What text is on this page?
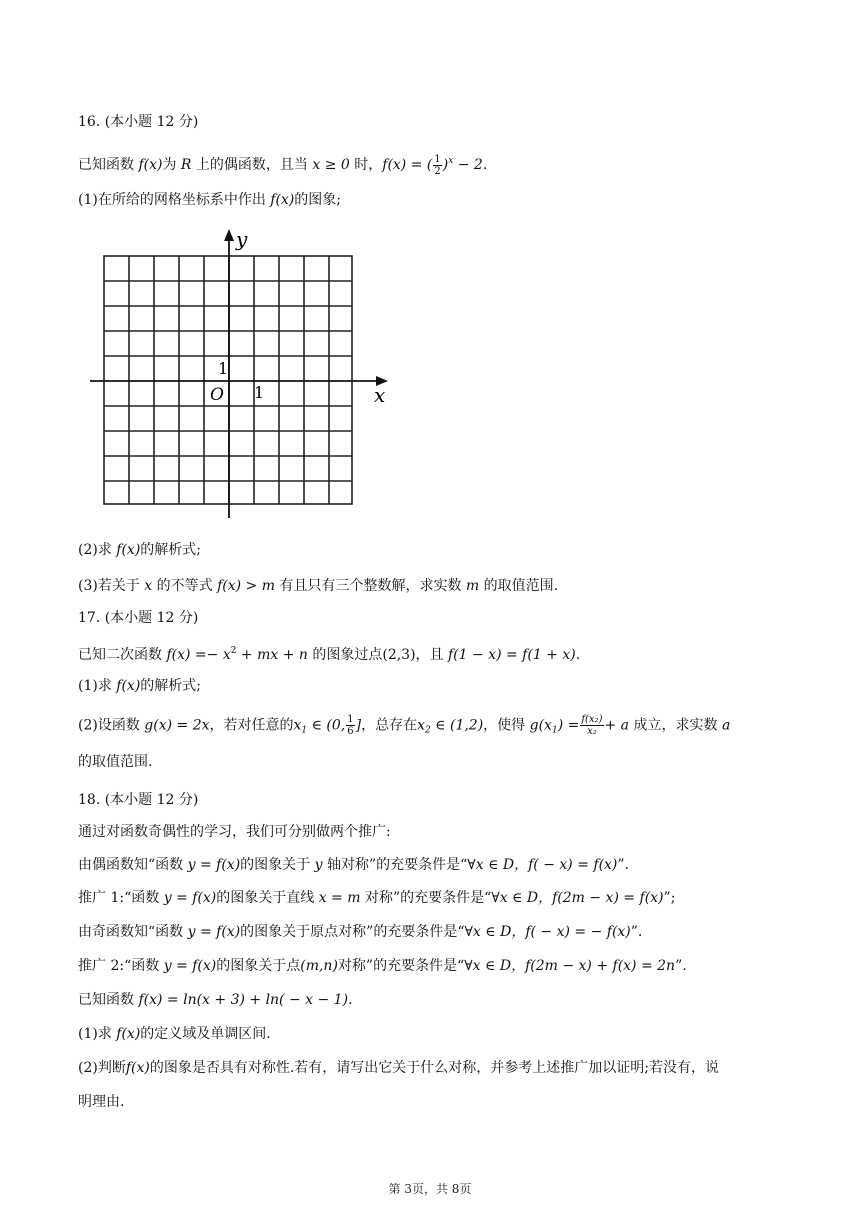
16. (本小题 12 分)
已知函数 f(x)为 R 上的偶函数，且当 x ≥ 0 时，f(x) = ( $\frac{1}{2} )^x - 2$.
(1)在所给的网格坐标系中作出 f(x)的图象;
y
x
O 1
1
(2)求 f(x)的解析式;
(3)若关于 x 的不等式 f(x) > m 有且只有三个整数解，求实数 m 的取值范围.
17. (本小题 12 分)
已知二次函数 $f(x) =- x^2$ + mx + n 的图象过点(2,3)，且 f(1 − x) = f(1 + x).
(1)求 f(x)的解析式;
(2)设函数 g(x) = 2x，若对任意的$x_1$ ∈ (0, $\frac{1}{6}$ ]，总存在$x_2$ ∈ (1,2)，使得 $g(x_1) = \frac{\text{f(x₂)}}{\text{x₂}} + a$ 成立，求实数 a
的取值范围.
18. (本小题 12 分)
通过对函数奇偶性的学习，我们可分别做两个推广:
由偶函数知“函数 y = f(x)的图象关于 y 轴对称”的充要条件是“∀x ∈ D，f( − x) = f(x)”.
推广 1:“函数 y = f(x)的图象关于直线 x = m 对称”的充要条件是“∀x ∈ D，f(2m − x) = f(x)”;
由奇函数知“函数 y = f(x)的图象关于原点对称”的充要条件是“∀x ∈ D，f( − x) = − f(x)”.
推广 2:“函数 y = f(x)的图象关于点(m,n)对称”的充要条件是“∀x ∈ D，f(2m − x) + f(x) = 2n”.
已知函数 f(x) = ln(x + 3) + ln( − x − 1).
(1)求 f(x)的定义域及单调区间.
(2)判断f(x)的图象是否具有对称性.若有，请写出它关于什么对称，并参考上述推广加以证明;若没有，说
明理由.
第 3页，共 8页
